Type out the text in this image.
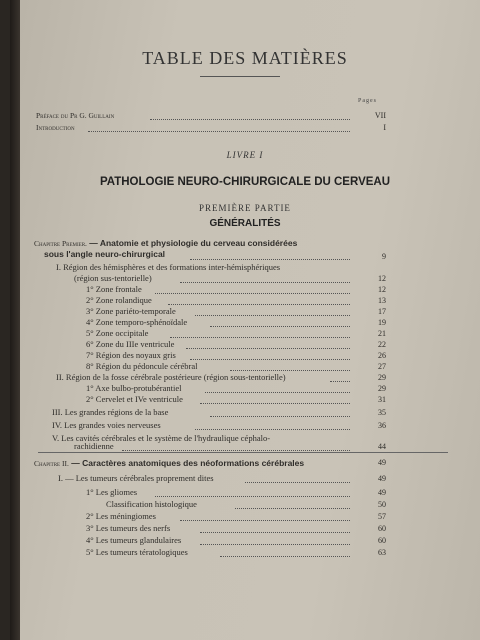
TABLE DES MATIÈRES
Pages
Préface du Pr G. Guillain	VII
Introduction	I
LIVRE I
PATHOLOGIE NEURO-CHIRURGICALE DU CERVEAU
PREMIÈRE PARTIE
GÉNÉRALITÉS
Chapitre Premier. — Anatomie et physiologie du cerveau considérées
sous l'angle neuro-chirurgical	9
I. Région des hémisphères et des formations inter-hémisphériques
(région sus-tentorielle)	12
1° Zone frontale	12
2° Zone rolandique	13
3° Zone pariéto-temporale	17
4° Zone temporo-sphénoïdale	19
5° Zone occipitale	21
6° Zone du IIIe ventricule	22
7° Région des noyaux gris	26
8° Région du pédoncule cérébral	27
II. Région de la fosse cérébrale postérieure (région sous-tentorielle)	29
1° Axe bulbo-protubérantiel	29
2° Cervelet et IVe ventricule	31
III. Les grandes régions de la base	35
IV. Les grandes voies nerveuses	36
V. Les cavités cérébrales et le système de l'hydraulique céphalo-
rachidienne	44
Chapitre II. — Caractères anatomiques des néoformations cérébrales	49
I. — Les tumeurs cérébrales proprement dites	49
1° Les gliomes	49
Classification histologique	50
2° Les méningiomes	57
3° Les tumeurs des nerfs	60
4° Les tumeurs glandulaires	60
5° Les tumeurs tératologiques	63
